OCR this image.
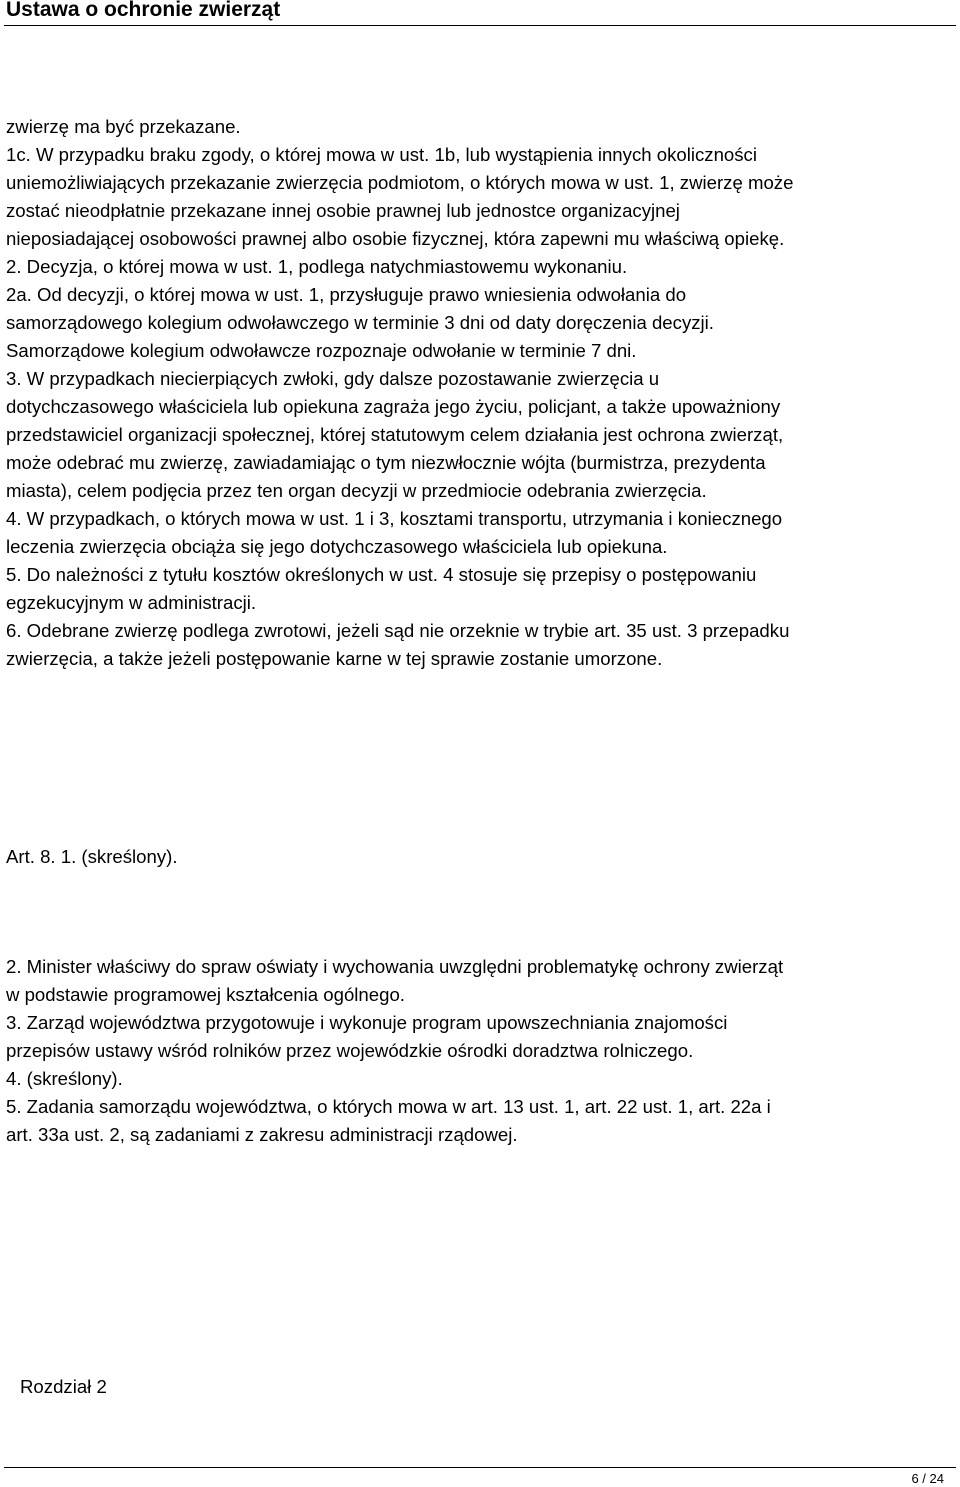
Ustawa o ochronie zwierząt

zwierzę ma być przekazane.

1c. W przypadku braku zgody, o której mowa w ust. 1b, lub wystąpienia innych okoliczności

uniemożliwiających przekazanie zwierzęcia podmiotom, o których mowa w ust. 1, zwierzę może

zostać nieodpłatnie przekazane innej osobie prawnej lub jednostce organizacyjnej

nieposiadającej osobowości prawnej albo osobie fizycznej, która zapewni mu właściwą opiekę.

2. Decyzja, o której mowa w ust. 1, podlega natychmiastowemu wykonaniu.

2a. Od decyzji, o której mowa w ust. 1, przysługuje prawo wniesienia odwołania do

samorządowego kolegium odwoławczego w terminie 3 dni od daty doręczenia decyzji.

Samorządowe kolegium odwoławcze rozpoznaje odwołanie w terminie 7 dni.

3. W przypadkach niecierpiących zwłoki, gdy dalsze pozostawanie zwierzęcia u

dotychczasowego właściciela lub opiekuna zagraża jego życiu, policjant, a także upoważniony

przedstawiciel organizacji społecznej, której statutowym celem działania jest ochrona zwierząt,

może odebrać mu zwierzę, zawiadamiając o tym niezwłocznie wójta (burmistrza, prezydenta

miasta), celem podjęcia przez ten organ decyzji w przedmiocie odebrania zwierzęcia.

4. W przypadkach, o których mowa w ust. 1 i 3, kosztami transportu, utrzymania i koniecznego

leczenia zwierzęcia obciąża się jego dotychczasowego właściciela lub opiekuna.

5. Do należności z tytułu kosztów określonych w ust. 4 stosuje się przepisy o postępowaniu

egzekucyjnym w administracji.

6. Odebrane zwierzę podlega zwrotowi, jeżeli sąd nie orzeknie w trybie art. 35 ust. 3 przepadku

zwierzęcia, a także jeżeli postępowanie karne w tej sprawie zostanie umorzone.

Art. 8. 1. (skreślony).

2. Minister właściwy do spraw oświaty i wychowania uwzględni problematykę ochrony zwierząt

w podstawie programowej kształcenia ogólnego.

3. Zarząd województwa przygotowuje i wykonuje program upowszechniania znajomości

przepisów ustawy wśród rolników przez wojewódzkie ośrodki doradztwa rolniczego.

4. (skreślony).

5. Zadania samorządu województwa, o których mowa w art. 13 ust. 1, art. 22 ust. 1, art. 22a i

art. 33a ust. 2, są zadaniami z zakresu administracji rządowej.

Rozdział 2
6 / 24
